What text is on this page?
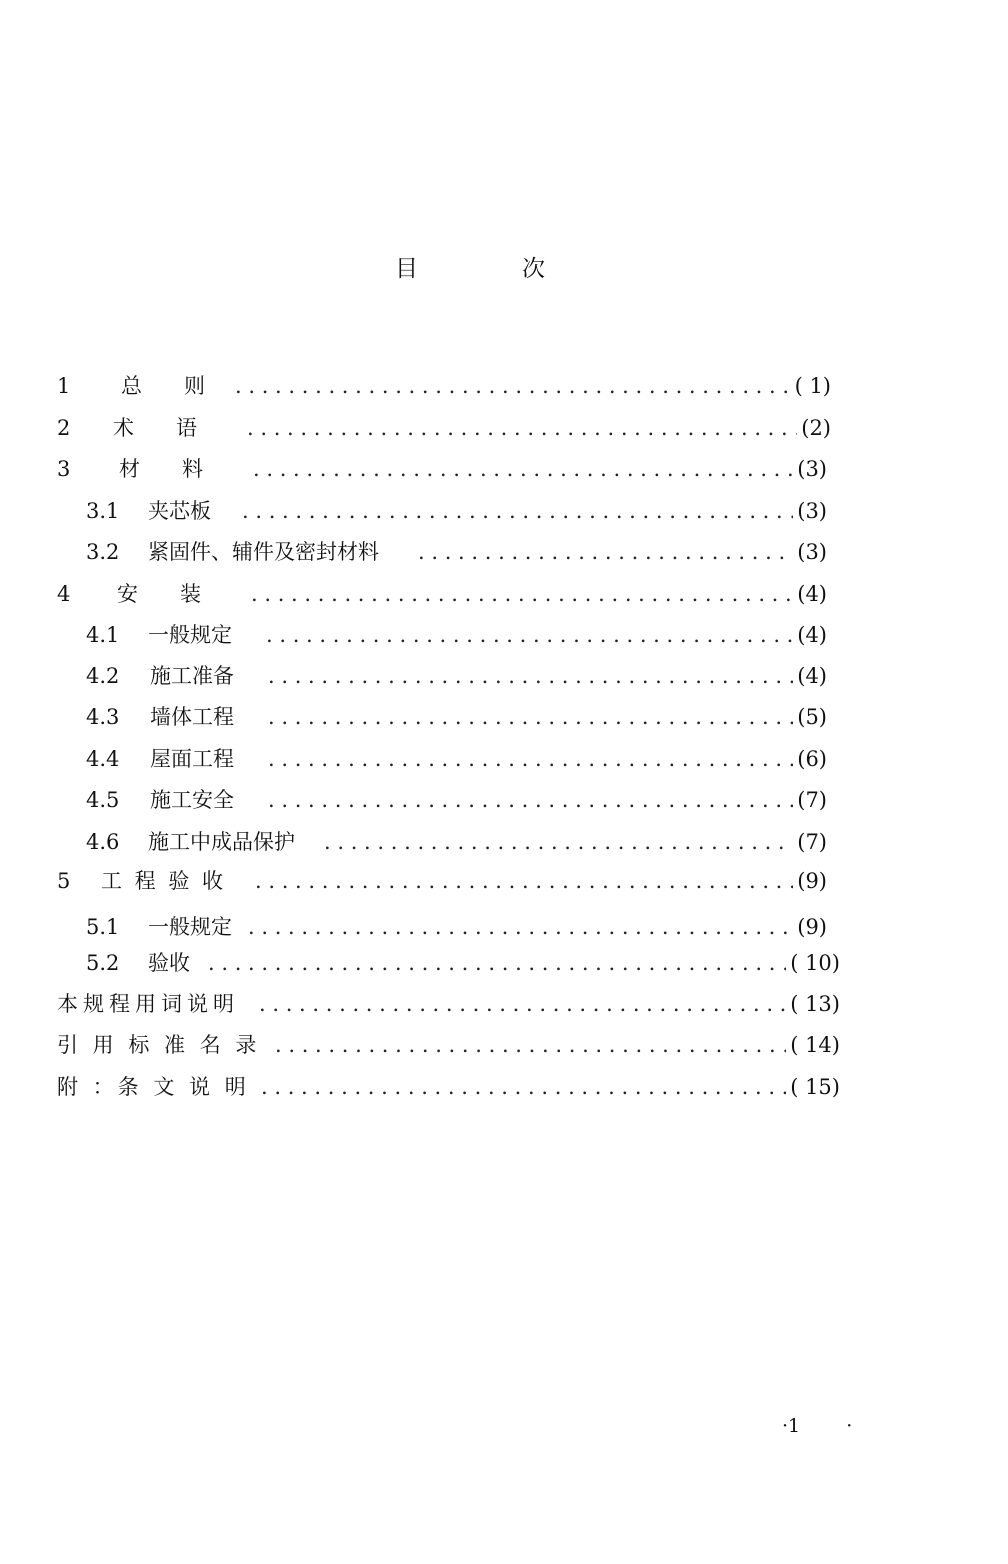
目	次
1	总　　则 . . .	( 1)
2	术　　语 . . .	(2)
3	材　　料 . . .	(3)
3.1	夹芯板 . . .	(3)
3.2	紧固件、辅件及密封材料 . . .	(3)
4	安　　装 . . .	(4)
4.1	一般规定 . . .	(4)
4.2	施工准备 . . .	(4)
4.3	墙体工程 . . .	(5)
4.4	屋面工程 . . .	(6)
4.5	施工安全 . . .	(7)
4.6	施工中成品保护 . . .	(7)
5	工 程 验 收 . . .	(9)
5.1	一般规定 . . .	(9)
5.2	验收 . . .	( 10)
本规程用词说明 . . .	( 13)
引 用 标 准 名 录 . . .	( 14)
附 ：条 文 说 明 . . .	( 15)
·1 ·
